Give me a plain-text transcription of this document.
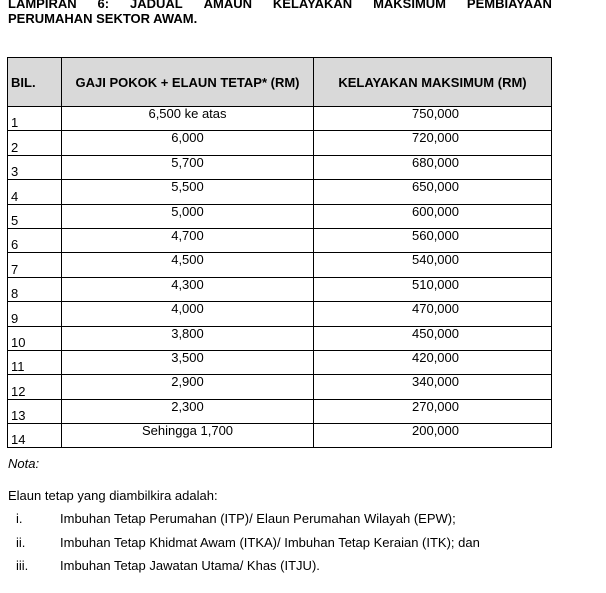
LAMPIRAN 6: JADUAL AMAUN KELAYAKAN MAKSIMUM PEMBIAYAAN
PERUMAHAN SEKTOR AWAM.
BIL.	GAJI POKOK + ELAUN TETAP* (RM)	KELAYAKAN MAKSIMUM (RM)
1	6,500 ke atas	750,000
2	6,000	720,000
3	5,700	680,000
4	5,500	650,000
5	5,000	600,000
6	4,700	560,000
7	4,500	540,000
8	4,300	510,000
9	4,000	470,000
10	3,800	450,000
11	3,500	420,000
12	2,900	340,000
13	2,300	270,000
14	Sehingga 1,700	200,000
Nota:
Elaun tetap yang diambilkira adalah:
i.	Imbuhan Tetap Perumahan (ITP)/ Elaun Perumahan Wilayah (EPW);
ii.	Imbuhan Tetap Khidmat Awam (ITKA)/ Imbuhan Tetap Keraian (ITK); dan
iii. Imbuhan Tetap Jawatan Utama/ Khas (ITJU).
